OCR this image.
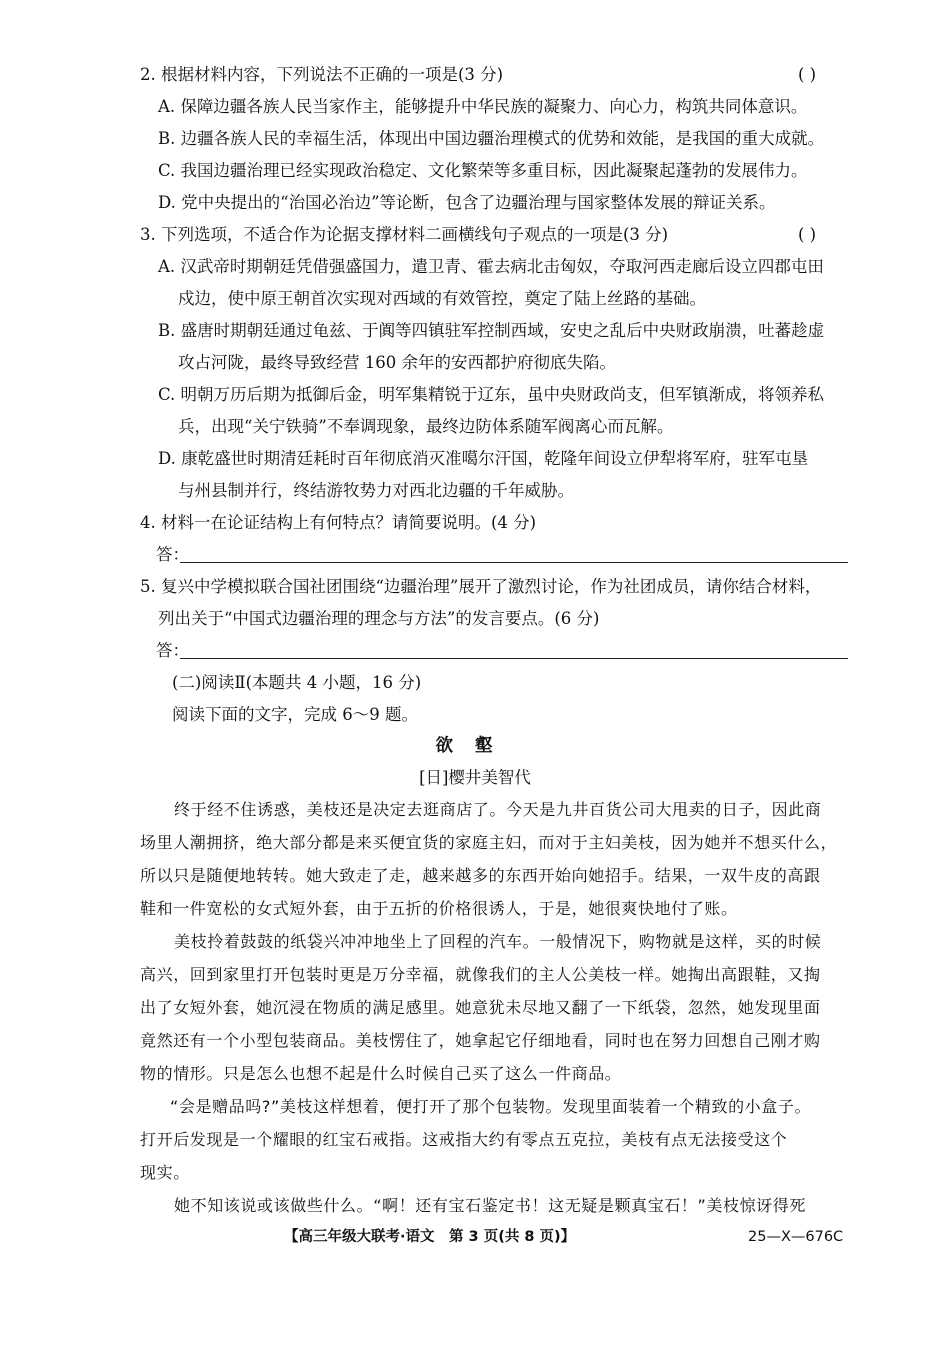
2. 根据材料内容，下列说法不正确的一项是(3 分)	( )
A. 保障边疆各族人民当家作主，能够提升中华民族的凝聚力、向心力，构筑共同体意识。
B. 边疆各族人民的幸福生活，体现出中国边疆治理模式的优势和效能，是我国的重大成就。
C. 我国边疆治理已经实现政治稳定、文化繁荣等多重目标，因此凝聚起蓬勃的发展伟力。
D. 党中央提出的“治国必治边”等论断，包含了边疆治理与国家整体发展的辩证关系。
3. 下列选项，不适合作为论据支撑材料二画横线句子观点的一项是(3 分)	( )
A. 汉武帝时期朝廷凭借强盛国力，遣卫青、霍去病北击匈奴，夺取河西走廊后设立四郡屯田
戍边，使中原王朝首次实现对西域的有效管控，奠定了陆上丝路的基础。
B. 盛唐时期朝廷通过龟兹、于阗等四镇驻军控制西域，安史之乱后中央财政崩溃，吐蕃趁虚
攻占河陇，最终导致经营 160 余年的安西都护府彻底失陷。
C. 明朝万历后期为抵御后金，明军集精锐于辽东，虽中央财政尚支，但军镇渐成，将领养私
兵，出现“关宁铁骑”不奉调现象，最终边防体系随军阀离心而瓦解。
D. 康乾盛世时期清廷耗时百年彻底消灭准噶尔汗国，乾隆年间设立伊犁将军府，驻军屯垦
与州县制并行，终结游牧势力对西北边疆的千年威胁。
4. 材料一在论证结构上有何特点？请简要说明。(4 分)
答：
5. 复兴中学模拟联合国社团围绕“边疆治理”展开了激烈讨论，作为社团成员，请你结合材料，
列出关于“中国式边疆治理的理念与方法”的发言要点。(6 分)
答：
(二)阅读Ⅱ(本题共 4 小题，16 分)
阅读下面的文字，完成 6～9 题。
欲壑
[日]樱井美智代
终于经不住诱惑，美枝还是决定去逛商店了。今天是九井百货公司大甩卖的日子，因此商
场里人潮拥挤，绝大部分都是来买便宜货的家庭主妇，而对于主妇美枝，因为她并不想买什么，
所以只是随便地转转。她大致走了走，越来越多的东西开始向她招手。结果，一双牛皮的高跟
鞋和一件宽松的女式短外套，由于五折的价格很诱人，于是，她很爽快地付了账。
美枝拎着鼓鼓的纸袋兴冲冲地坐上了回程的汽车。一般情况下，购物就是这样，买的时候
高兴，回到家里打开包装时更是万分幸福，就像我们的主人公美枝一样。她掏出高跟鞋，又掏
出了女短外套，她沉浸在物质的满足感里。她意犹未尽地又翻了一下纸袋，忽然，她发现里面
竟然还有一个小型包装商品。美枝愣住了，她拿起它仔细地看，同时也在努力回想自己刚才购
物的情形。只是怎么也想不起是什么时候自己买了这么一件商品。
“会是赠品吗?”美枝这样想着，便打开了那个包装物。发现里面装着一个精致的小盒子。
打开后发现是一个耀眼的红宝石戒指。这戒指大约有零点五克拉，美枝有点无法接受这个
现实。
她不知该说或该做些什么。“啊！还有宝石鉴定书！这无疑是颗真宝石！”美枝惊讶得死
【高三年级大联考·语文　第 3 页(共 8 页)】	25—X—676C
